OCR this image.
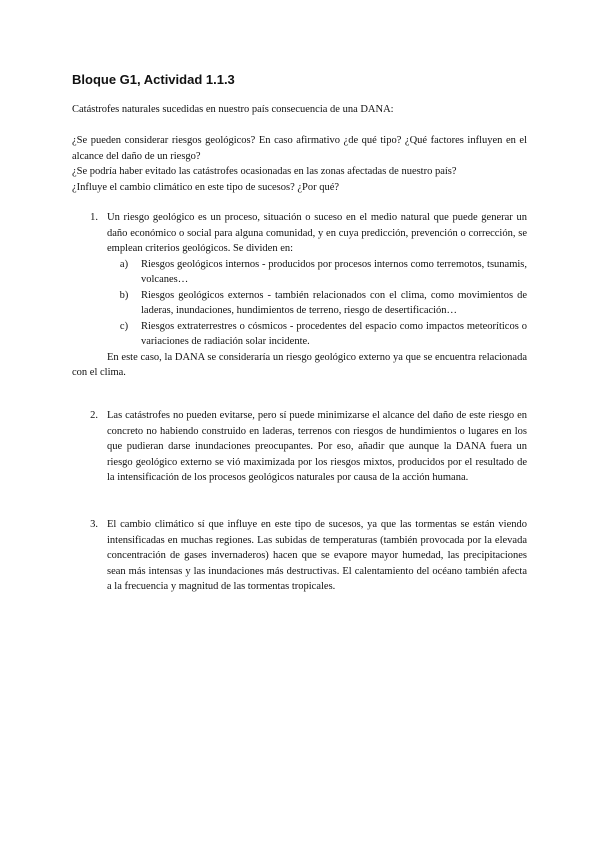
Bloque G1, Actividad 1.1.3

Catástrofes naturales sucedidas en nuestro país consecuencia de una DANA:

¿Se pueden considerar riesgos geológicos? En caso afirmativo ¿de qué tipo? ¿Qué factores influyen en el alcance del daño de un riesgo?
¿Se podría haber evitado las catástrofes ocasionadas en las zonas afectadas de nuestro país?
¿Influye el cambio climático en este tipo de sucesos? ¿Por qué?
1. Un riesgo geológico es un proceso, situación o suceso en el medio natural que puede generar un daño económico o social para alguna comunidad, y en cuya predicción, prevención o corrección, se emplean criterios geológicos. Se dividen en:
a)	Riesgos geológicos internos - producidos por procesos internos como terremotos, tsunamis, volcanes…
b)	Riesgos geológicos externos - también relacionados con el clima, como movimientos de laderas, inundaciones, hundimientos de terreno, riesgo de desertificación…
c)	Riesgos extraterrestres o cósmicos - procedentes del espacio como impactos meteoríticos o variaciones de radiación solar incidente.
En este caso, la DANA se consideraría un riesgo geológico externo ya que se encuentra relacionada con el clima.
2. Las catástrofes no pueden evitarse, pero sí puede minimizarse el alcance del daño de este riesgo en concreto no habiendo construido en laderas, terrenos con riesgos de hundimientos o lugares en los que pudieran darse inundaciones preocupantes. Por eso, añadir que aunque la DANA fuera un riesgo geológico externo se vió maximizada por los riesgos mixtos, producidos por el resultado de la intensificación de los procesos geológicos naturales por causa de la acción humana.
3. El cambio climático sí que influye en este tipo de sucesos, ya que las tormentas se están viendo intensificadas en muchas regiones. Las subidas de temperaturas (también provocada por la elevada concentración de gases invernaderos) hacen que se evapore mayor humedad, las precipitaciones sean más intensas y las inundaciones más destructivas. El calentamiento del océano también afecta a la frecuencia y magnitud de las tormentas tropicales.
